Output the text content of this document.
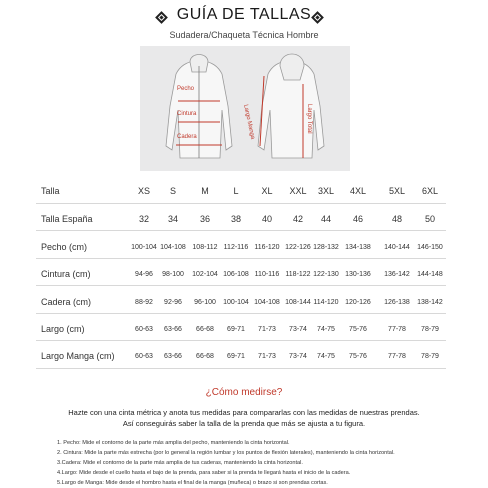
GUÍA DE TALLAS
Sudadera/Chaqueta Técnica Hombre
Pecho
Cintura
Cadera	Largo Manga	Largo Total
Talla	XS	S	M	L	XL	XXL	3XL	4XL	5XL	6XL
Talla España	32	34	36	38	40	42	44	46	48	50
Pecho (cm)	100-104 104-108 108-112 112-116 116-120 122-126 128-132 134-138	140-144	146-150
Cintura (cm)	94-96	98-100	102-104 106-108 110-116 118-122 122-130 130-136	136-142	144-148
Cadera (cm)	88-92	92-96	96-100	100-104 104-108 108-144 114-120 120-126	126-138	138-142
Largo (cm)	60-63	63-66	66-68	69-71	71-73	73-74	74-75	75-76	77-78	78-79
Largo Manga (cm)	60-63	63-66	66-68	69-71	71-73	73-74	74-75	75-76	77-78	78-79
¿Cómo medirse?
Hazte con una cinta métrica y anota tus medidas para compararlas con las medidas de nuestras prendas.
Así conseguirás saber la talla de la prenda que más se ajusta a tu figura.
1. Pecho: Mide el contorno de la parte más amplia del pecho, manteniendo la cinta horizontal.
2. Cintura: Mide la parte más estrecha (por lo general la región lumbar y los puntos de flexión laterales), manteniendo la cinta horizontal.
3.Cadera: Mide el contorno de la parte más amplia de tus caderas, manteniendo la cinta horizontal.
4.Largo: Mide desde el cuello hasta el bajo de la prenda, para saber si la prenda te llegará hasta el inicio de la cadera.
5.Largo de Manga: Mide desde el hombro hasta el final de la manga (muñeca) o brazo si son prendas cortas.
